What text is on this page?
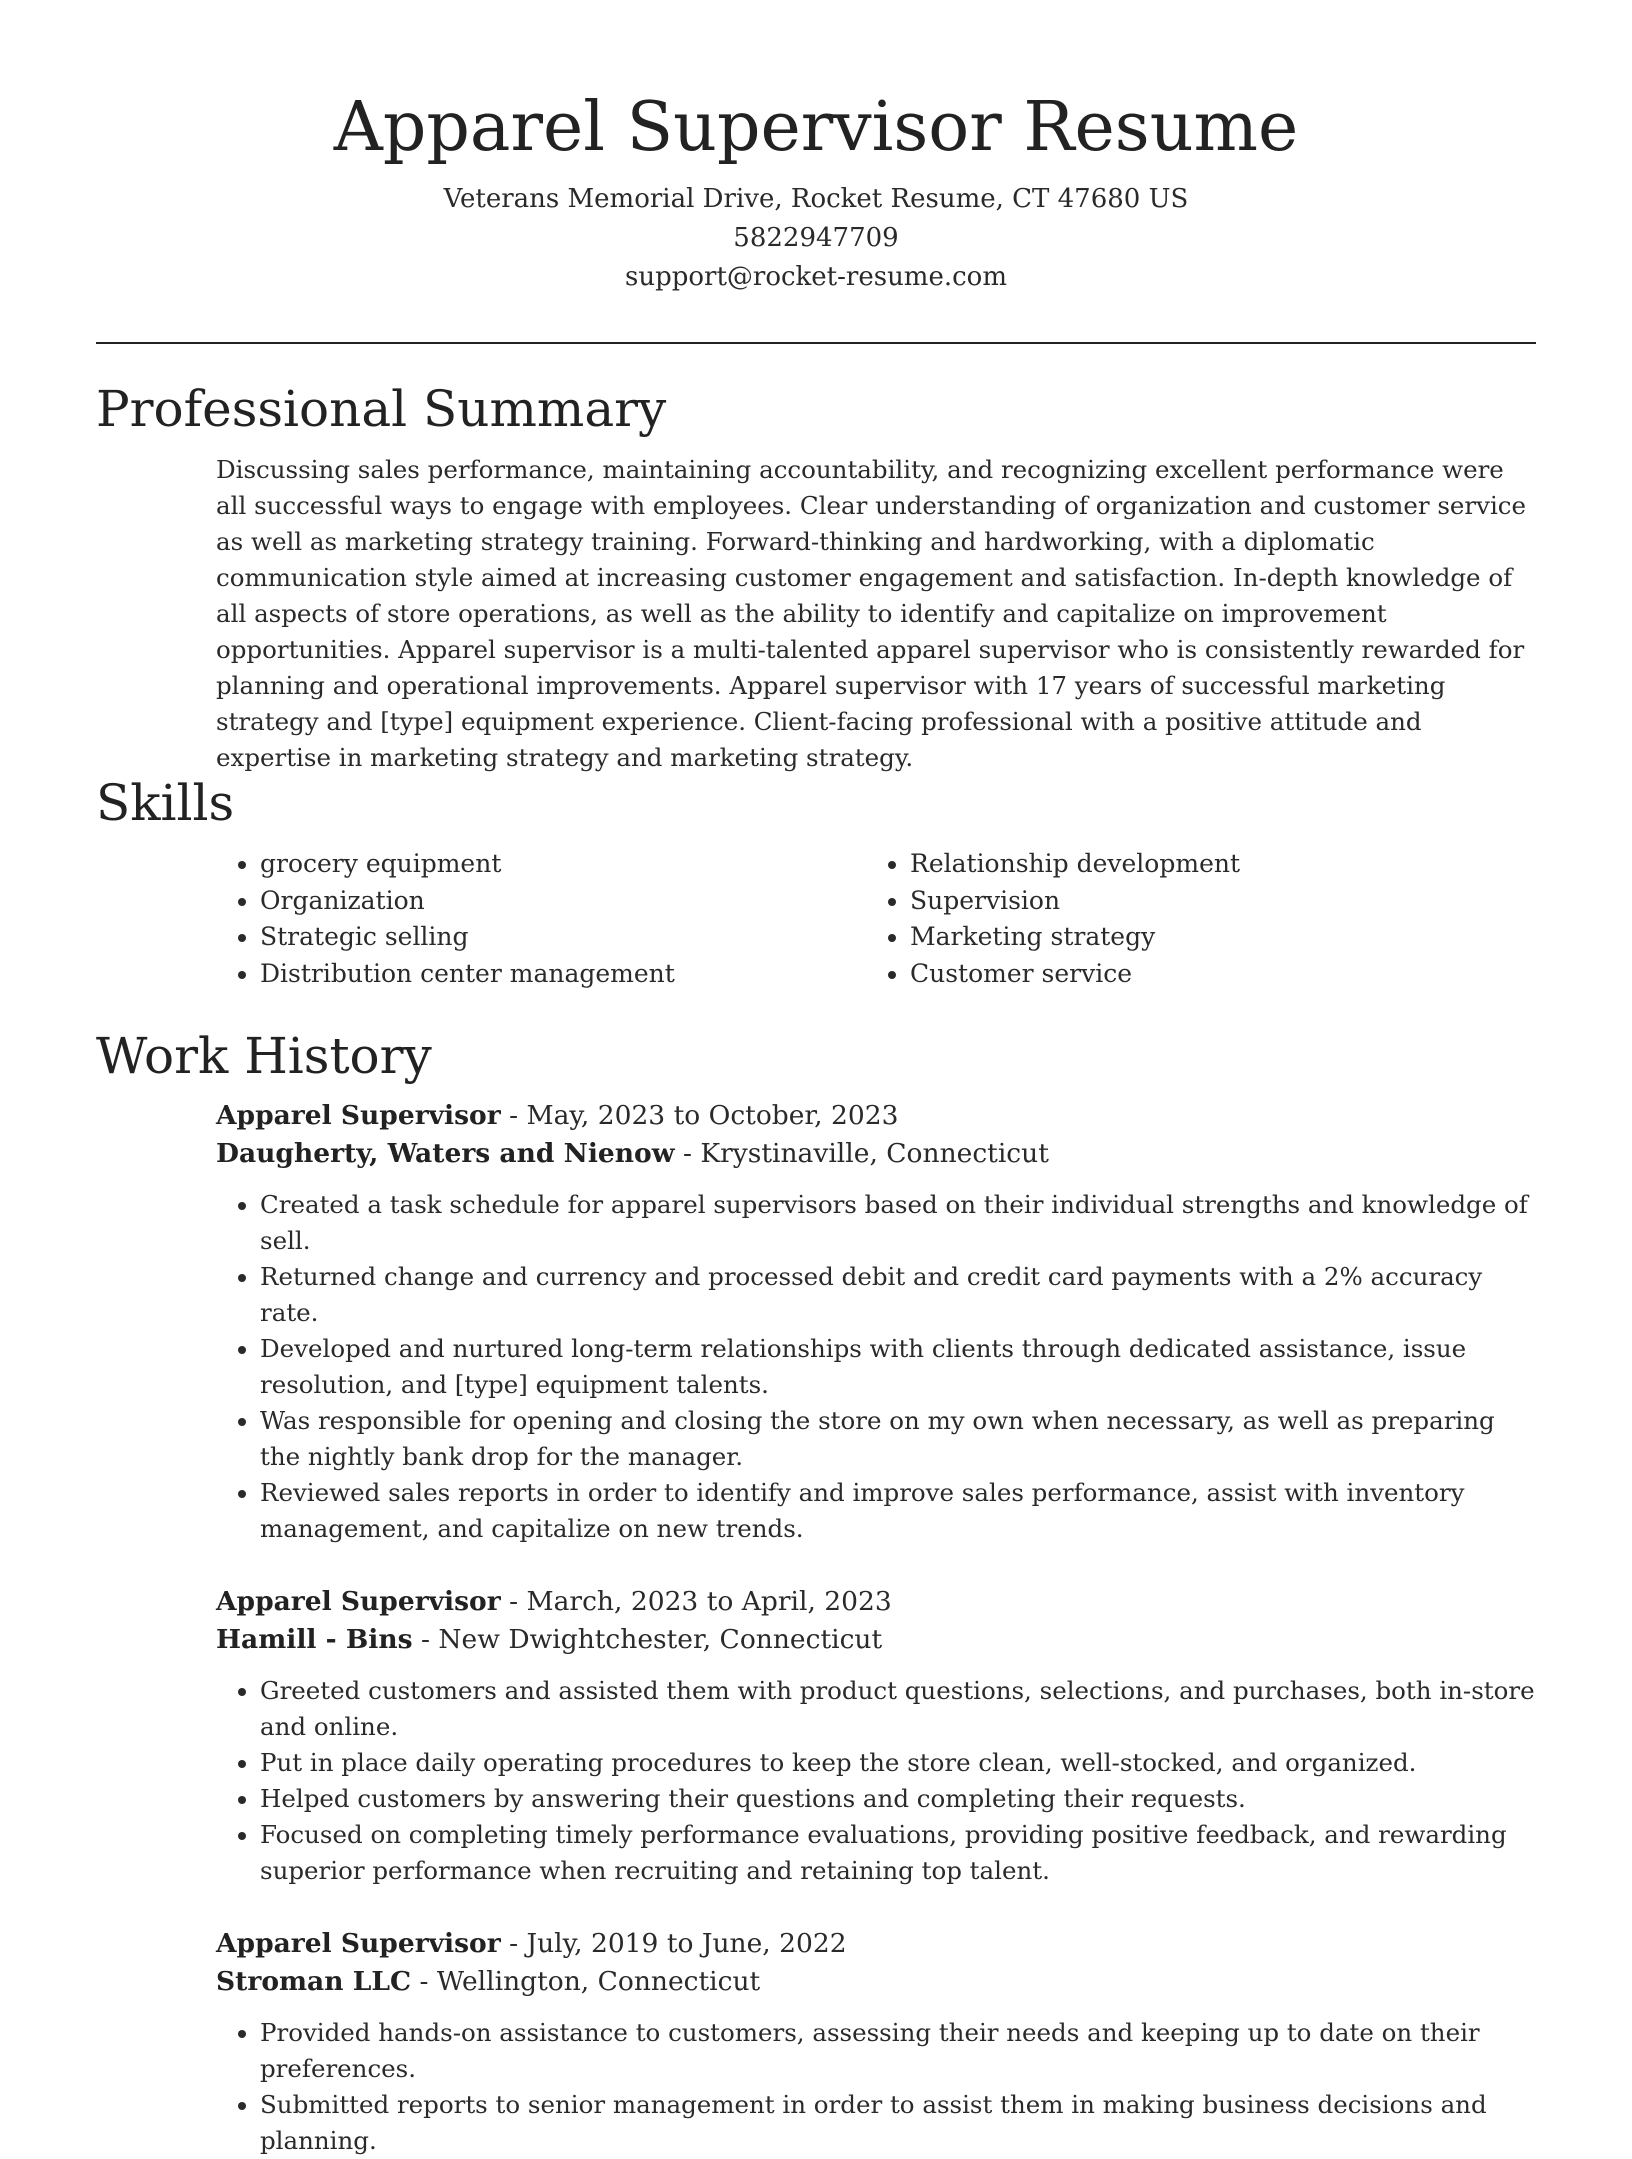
Apparel Supervisor Resume
Veterans Memorial Drive, Rocket Resume, CT 47680 US
5822947709
support@rocket-resume.com
Professional Summary

Discussing sales performance, maintaining accountability, and recognizing excellent performance were all successful ways to engage with employees. Clear understanding of organization and customer service as well as marketing strategy training. Forward-thinking and hardworking, with a diplomatic communication style aimed at increasing customer engagement and satisfaction. In-depth knowledge of all aspects of store operations, as well as the ability to identify and capitalize on improvement opportunities. Apparel supervisor is a multi-talented apparel supervisor who is consistently rewarded for planning and operational improvements. Apparel supervisor with 17 years of successful marketing strategy and [type] equipment experience. Client-facing professional with a positive attitude and expertise in marketing strategy and marketing strategy.

Skills
• grocery equipment
• Organization
• Strategic selling
• Distribution center management
• Relationship development
• Supervision
• Marketing strategy
• Customer service
Work History
Apparel Supervisor - May, 2023 to October, 2023
Daugherty, Waters and Nienow - Krystinaville, Connecticut
• Created a task schedule for apparel supervisors based on their individual strengths and knowledge of sell.
• Returned change and currency and processed debit and credit card payments with a 2% accuracy rate.
• Developed and nurtured long-term relationships with clients through dedicated assistance, issue resolution, and [type] equipment talents.
• Was responsible for opening and closing the store on my own when necessary, as well as preparing the nightly bank drop for the manager.
• Reviewed sales reports in order to identify and improve sales performance, assist with inventory management, and capitalize on new trends.
Apparel Supervisor - March, 2023 to April, 2023
Hamill - Bins - New Dwightchester, Connecticut
• Greeted customers and assisted them with product questions, selections, and purchases, both in-store and online.
• Put in place daily operating procedures to keep the store clean, well-stocked, and organized.
• Helped customers by answering their questions and completing their requests.
• Focused on completing timely performance evaluations, providing positive feedback, and rewarding superior performance when recruiting and retaining top talent.
Apparel Supervisor - July, 2019 to June, 2022
Stroman LLC - Wellington, Connecticut
• Provided hands-on assistance to customers, assessing their needs and keeping up to date on their preferences.
• Submitted reports to senior management in order to assist them in making business decisions and planning.
